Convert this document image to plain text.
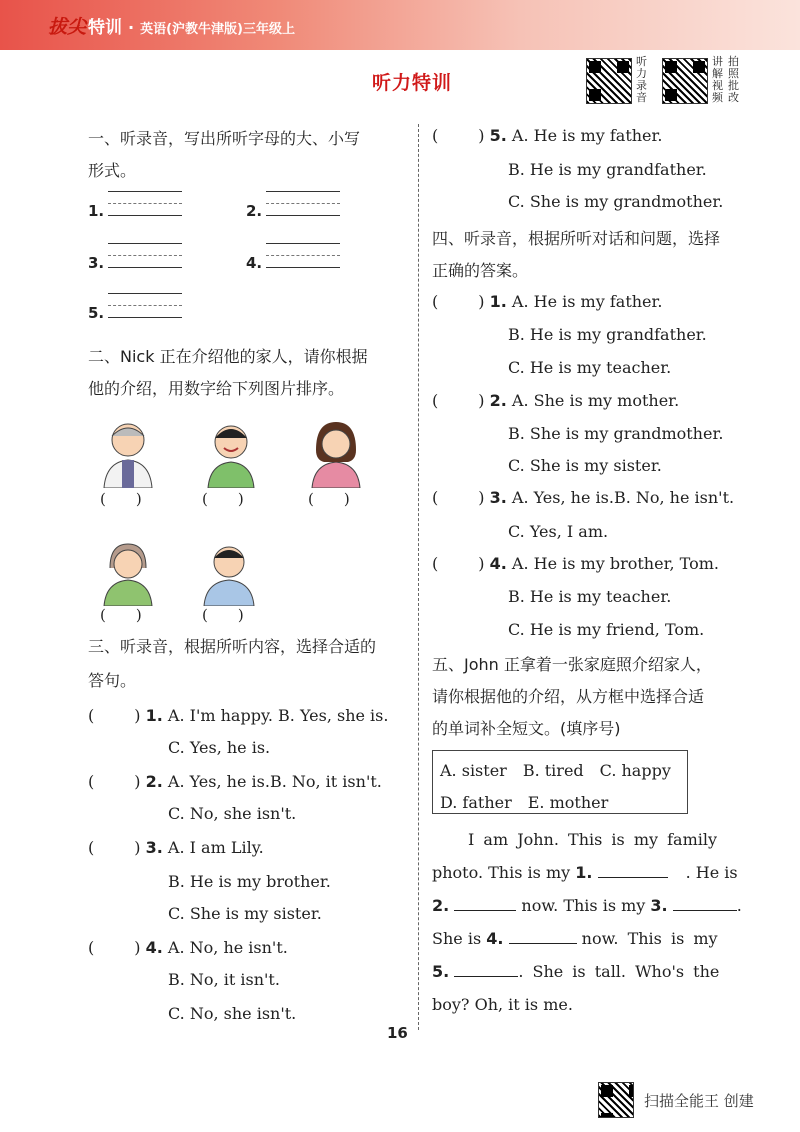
拔尖 特训 · 英语(沪教牛津版)三年级上
听力特训
听力录音
讲解视频
拍照批改
一、听录音，写出所听字母的大、小写
形式。
1.	2.
3.	4.
5.
二、Nick 正在介绍他的家人，请你根据
他的介绍，用数字给下列图片排序。
(　　)	(　　)	(　　)
(　　)	(　　)
三、听录音，根据所听内容，选择合适的
答句。
(	) 1. A. I'm happy. B. Yes, she is.
C. Yes, he is.
(	) 2. A. Yes, he is.B. No, it isn't.
C. No, she isn't.
(	) 3. A. I am Lily.
B. He is my brother.
C. She is my sister.
(	) 4. A. No, he isn't.
B. No, it isn't.
C. No, she isn't.
(	) 5. A. He is my father.
B. He is my grandfather.
C. She is my grandmother.
四、听录音，根据所听对话和问题，选择
正确的答案。
(	) 1. A. He is my father.
B. He is my grandfather.
C. He is my teacher.
(	) 2. A. She is my mother.
B. She is my grandmother.
C. She is my sister.
(	) 3. A. Yes, he is.B. No, he isn't.
C. Yes, I am.
(	) 4. A. He is my brother, Tom.
B. He is my teacher.
C. He is my friend, Tom.
五、John 正拿着一张家庭照介绍家人，
请你根据他的介绍，从方框中选择合适
的单词补全短文。(填序号)
A. sister　B. tired　C. happy
D. father　E. mother
I am John. This is my family
photo. This is my 1.	. He is
2.	now. This is my 3.	.
She is 4.	now. This is my
5.	. She is tall. Who's the
boy? Oh, it is me.
16
扫描全能王 创建
